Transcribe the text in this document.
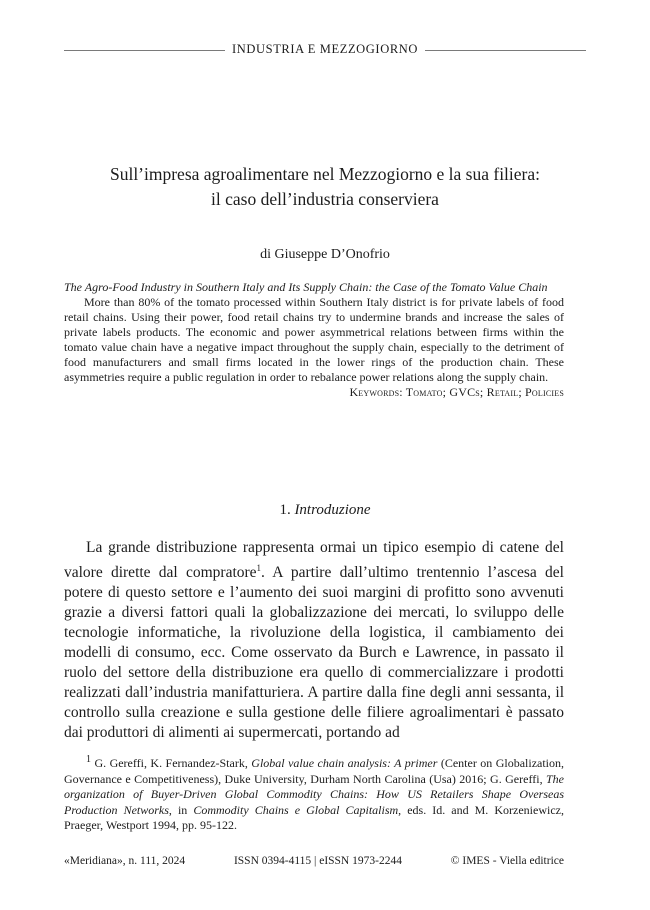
INDUSTRIA E MEZZOGIORNO

Sull’impresa agroalimentare nel Mezzogiorno e la sua filiera:

il caso dell’industria conserviera

di Giuseppe D’Onofrio

The Agro-Food Industry in Southern Italy and Its Supply Chain: the Case of the Tomato Value Chain

More than 80% of the tomato processed within Southern Italy district is for private labels of food retail chains. Using their power, food retail chains try to undermine brands and increase the sales of private labels products. The economic and power asymmetrical relations between firms within the tomato value chain have a negative impact throughout the supply chain, especially to the detriment of food manufacturers and small firms located in the lower rings of the production chain. These asymmetries require a public regulation in order to rebalance power relations along the supply chain.

Keywords: Tomato; GVCs; Retail; Policies

1. Introduzione

La grande distribuzione rappresenta ormai un tipico esempio di catene del valore dirette dal compratore$^1$. A partire dall’ultimo trentennio l’ascesa del potere di questo settore e l’aumento dei suoi margini di profitto sono avvenuti grazie a diversi fattori quali la globalizzazione dei mercati, lo sviluppo delle tecnologie informatiche, la rivoluzione della logistica, il cambiamento dei modelli di consumo, ecc. Come osservato da Burch e Lawrence, in passato il ruolo del settore della distribuzione era quello di commercializzare i prodotti realizzati dall’industria manifatturiera. A partire dalla fine degli anni sessanta, il controllo sulla creazione e sulla gestione delle filiere agroalimentari è passato dai produttori di alimenti ai supermercati, portando ad

$^1$ G. Gereffi, K. Fernandez-Stark, Global value chain analysis: A primer (Center on Globalization, Governance e Competitiveness), Duke University, Durham North Carolina (Usa) 2016; G. Gereffi, The organization of Buyer-Driven Global Commodity Chains: How US Retailers Shape Overseas Production Networks, in Commodity Chains e Global Capitalism, eds. Id. and M. Korzeniewicz, Praeger, Westport 1994, pp. 95-122.

«Meridiana», n. 111, 2024	ISSN 0394-4115 | eISSN 1973-2244	© IMES - Viella editrice
